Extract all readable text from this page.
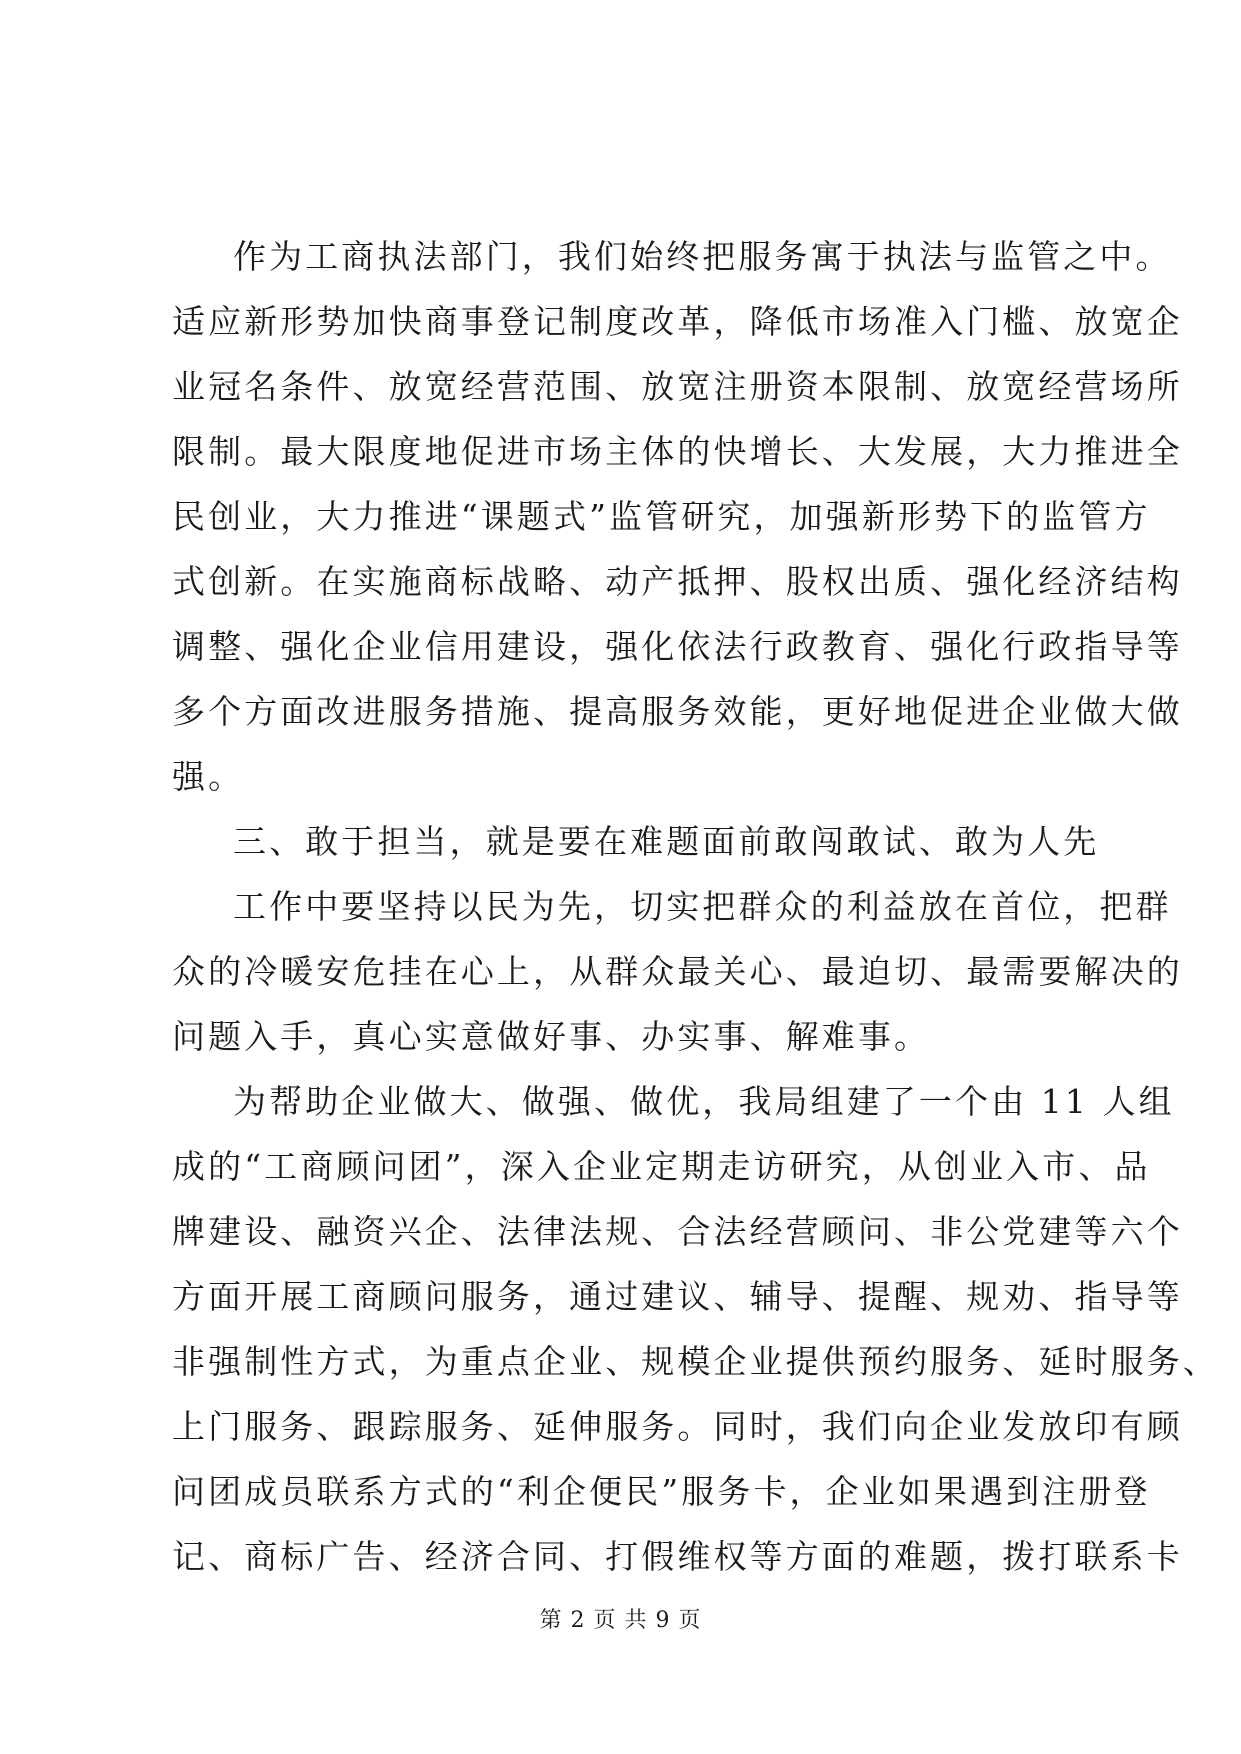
作为工商执法部门，我们始终把服务寓于执法与监管之中。
适应新形势加快商事登记制度改革，降低市场准入门槛、放宽企
业冠名条件、放宽经营范围、放宽注册资本限制、放宽经营场所
限制。最大限度地促进市场主体的快增长、大发展，大力推进全
民创业，大力推进“课题式”监管研究，加强新形势下的监管方
式创新。在实施商标战略、动产抵押、股权出质、强化经济结构
调整、强化企业信用建设，强化依法行政教育、强化行政指导等
多个方面改进服务措施、提高服务效能，更好地促进企业做大做
强。
三、敢于担当，就是要在难题面前敢闯敢试、敢为人先
工作中要坚持以民为先，切实把群众的利益放在首位，把群
众的冷暖安危挂在心上，从群众最关心、最迫切、最需要解决的
问题入手，真心实意做好事、办实事、解难事。
为帮助企业做大、做强、做优，我局组建了一个由 11 人组
成的“工商顾问团”，深入企业定期走访研究，从创业入市、品
牌建设、融资兴企、法律法规、合法经营顾问、非公党建等六个
方面开展工商顾问服务，通过建议、辅导、提醒、规劝、指导等
非强制性方式，为重点企业、规模企业提供预约服务、延时服务、
上门服务、跟踪服务、延伸服务。同时，我们向企业发放印有顾
问团成员联系方式的“利企便民”服务卡，企业如果遇到注册登
记、商标广告、经济合同、打假维权等方面的难题，拨打联系卡
第 2 页 共 9 页
